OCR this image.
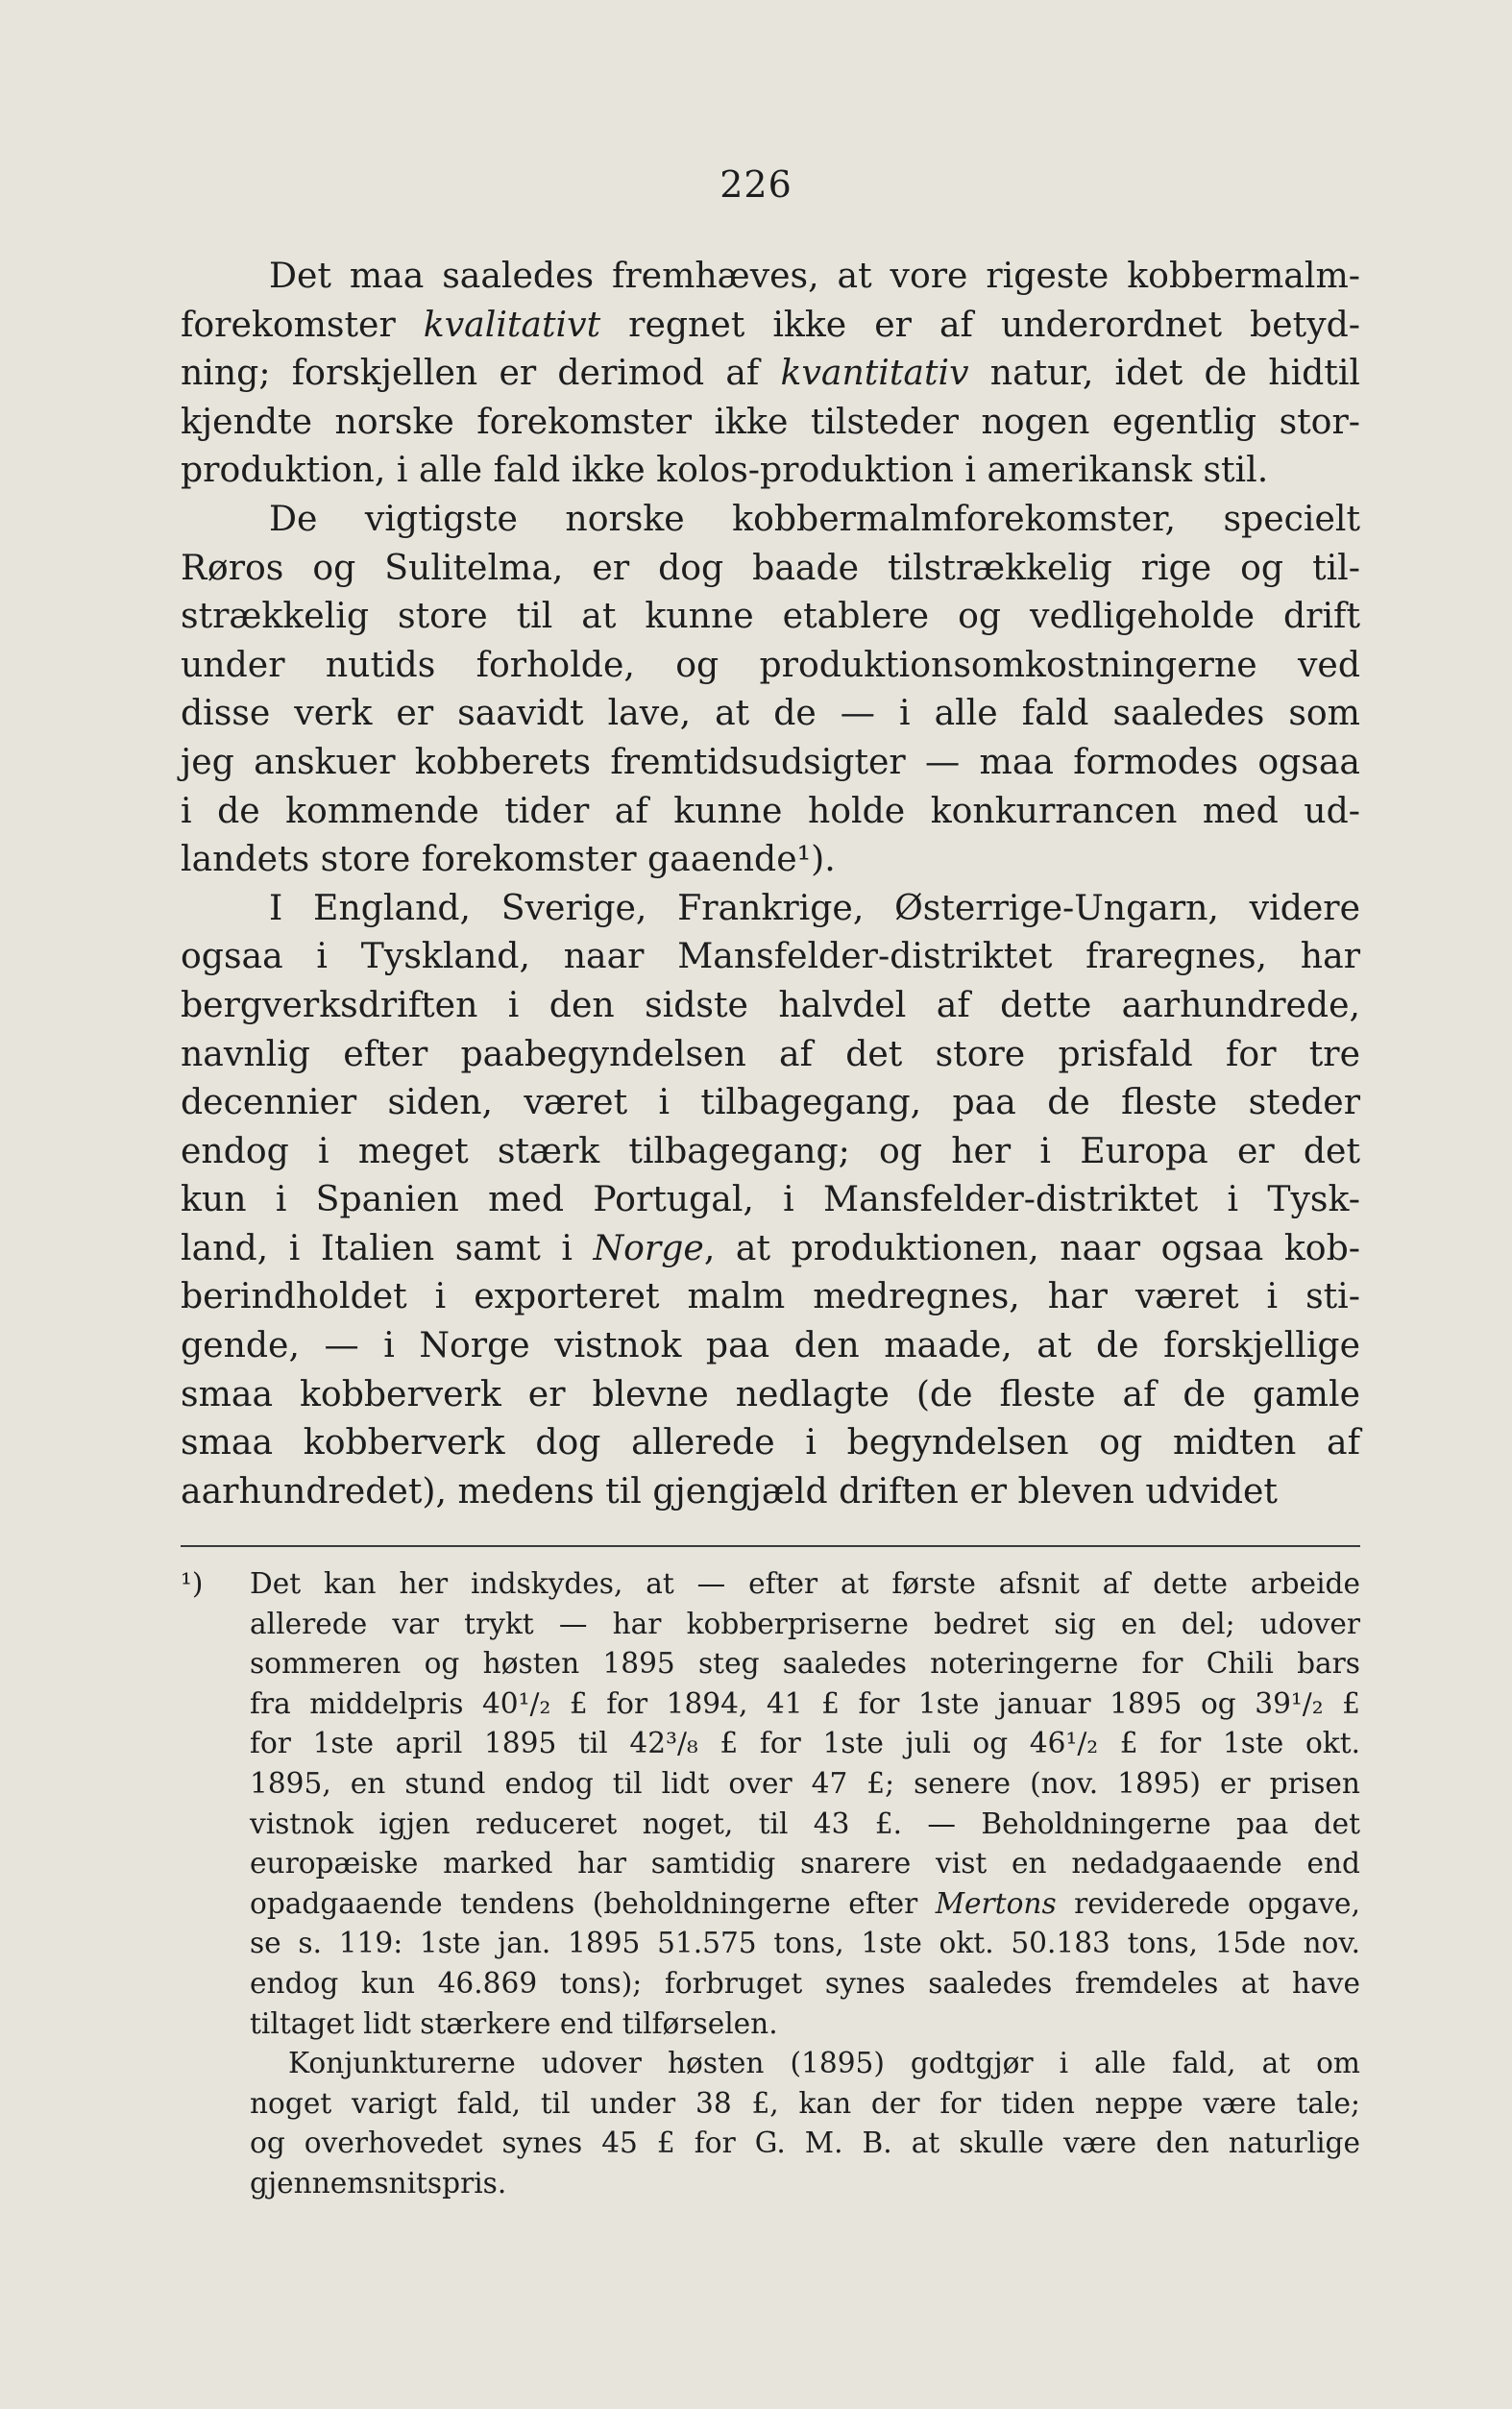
226
Det maa saaledes fremhæves, at vore rigeste kobbermalm-
forekomster kvalitativt regnet ikke er af underordnet betyd-
ning; forskjellen er derimod af kvantitativ natur, idet de hidtil
kjendte norske forekomster ikke tilsteder nogen egentlig stor-
produktion, i alle fald ikke kolos-produktion i amerikansk stil.
De vigtigste norske kobbermalmforekomster, specielt
Røros og Sulitelma, er dog baade tilstrækkelig rige og til-
strækkelig store til at kunne etablere og vedligeholde drift
under nutids forholde, og produktionsomkostningerne ved
disse verk er saavidt lave, at de — i alle fald saaledes som
jeg anskuer kobberets fremtidsudsigter — maa formodes ogsaa
i de kommende tider af kunne holde konkurrancen med ud-
landets store forekomster gaaende¹).
I England, Sverige, Frankrige, Østerrige-Ungarn, videre
ogsaa i Tyskland, naar Mansfelder-distriktet fraregnes, har
bergverksdriften i den sidste halvdel af dette aarhundrede,
navnlig efter paabegyndelsen af det store prisfald for tre
decennier siden, været i tilbagegang, paa de fleste steder
endog i meget stærk tilbagegang; og her i Europa er det
kun i Spanien med Portugal, i Mansfelder-distriktet i Tysk-
land, i Italien samt i Norge, at produktionen, naar ogsaa kob-
berindholdet i exporteret malm medregnes, har været i sti-
gende, — i Norge vistnok paa den maade, at de forskjellige
smaa kobberverk er blevne nedlagte (de fleste af de gamle
smaa kobberverk dog allerede i begyndelsen og midten af
aarhundredet), medens til gjengjæld driften er bleven udvidet
¹) Det kan her indskydes, at — efter at første afsnit af dette arbeide
allerede var trykt — har kobberpriserne bedret sig en del; udover
sommeren og høsten 1895 steg saaledes noteringerne for Chili bars
fra middelpris 40¹/₂ £ for 1894, 41 £ for 1ste januar 1895 og 39¹/₂ £
for 1ste april 1895 til 42³/₈ £ for 1ste juli og 46¹/₂ £ for 1ste okt.
1895, en stund endog til lidt over 47 £; senere (nov. 1895) er prisen
vistnok igjen reduceret noget, til 43 £. — Beholdningerne paa det
europæiske marked har samtidig snarere vist en nedadgaaende end
opadgaaende tendens (beholdningerne efter Mertons reviderede opgave,
se s. 119: 1ste jan. 1895 51.575 tons, 1ste okt. 50.183 tons, 15de nov.
endog kun 46.869 tons); forbruget synes saaledes fremdeles at have
tiltaget lidt stærkere end tilførselen.
Konjunkturerne udover høsten (1895) godtgjør i alle fald, at om
noget varigt fald, til under 38 £, kan der for tiden neppe være tale;
og overhovedet synes 45 £ for G. M. B. at skulle være den naturlige
gjennemsnitspris.
